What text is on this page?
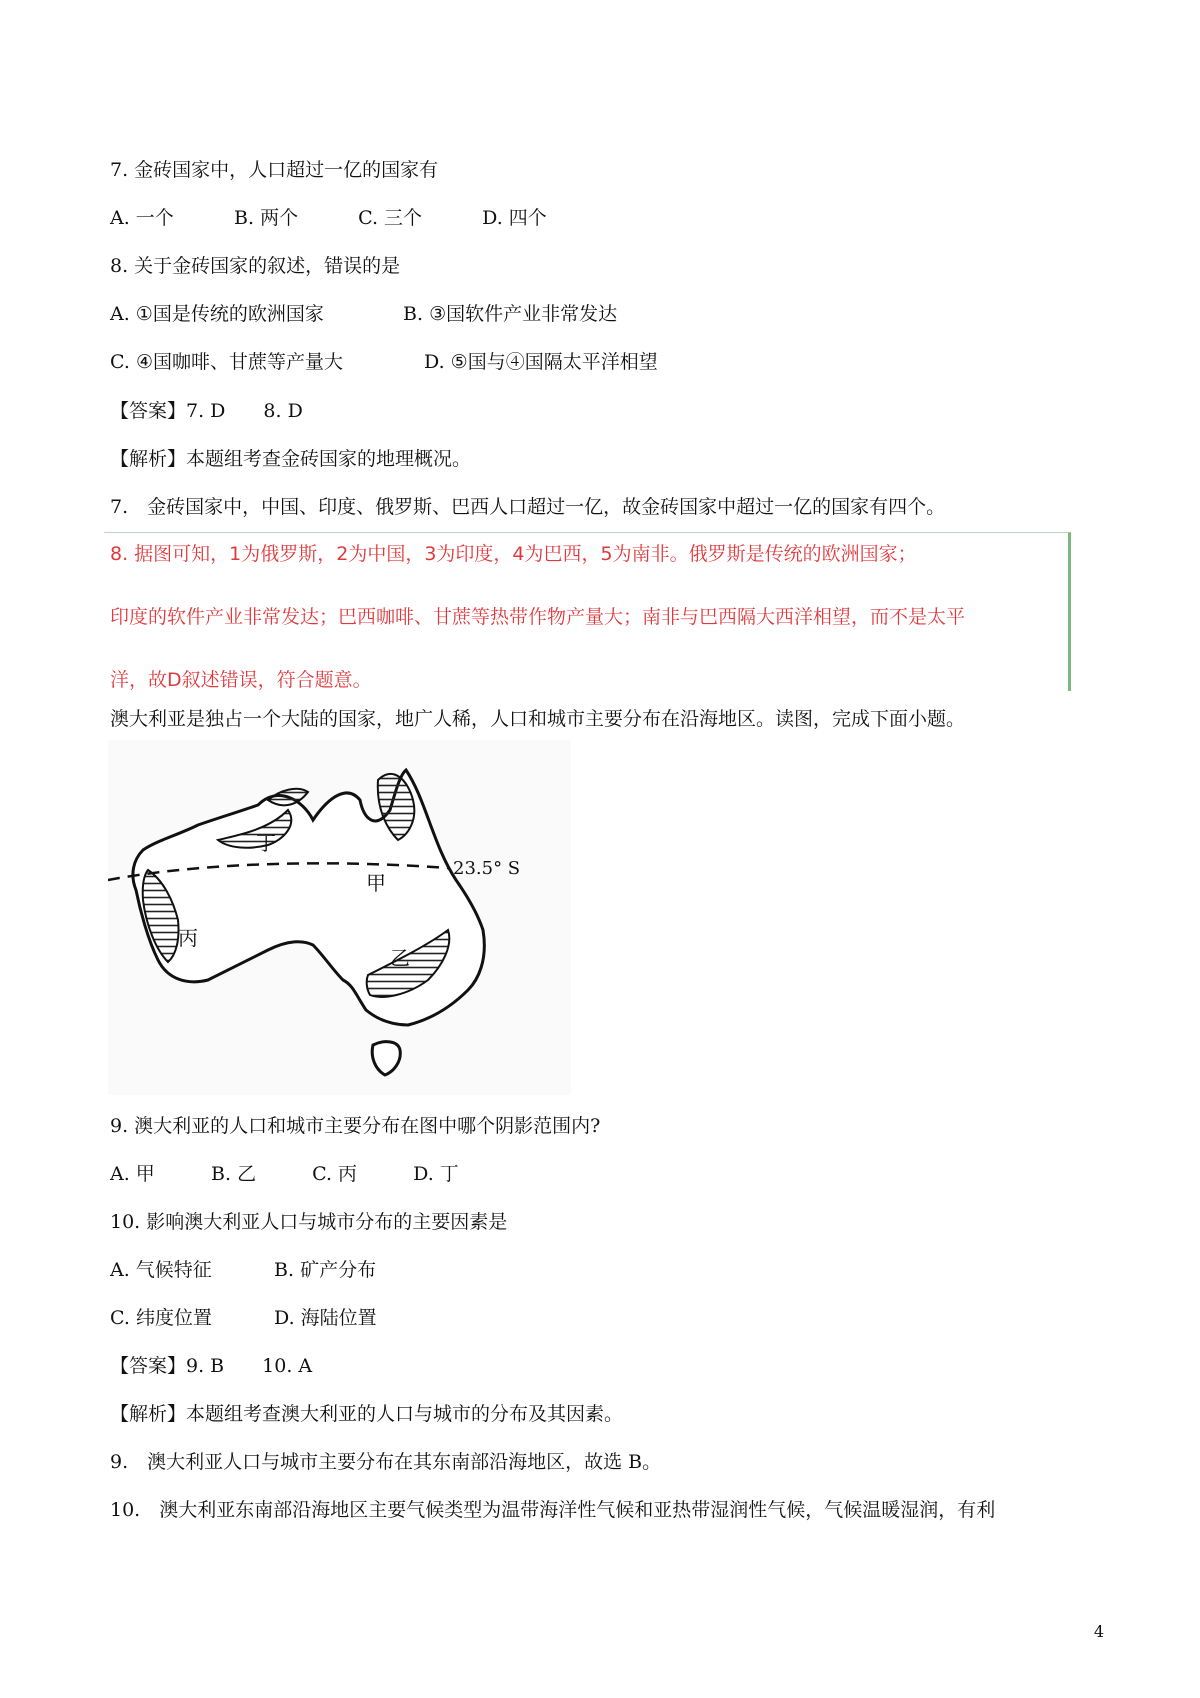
7. 金砖国家中，人口超过一亿的国家有
A. 一个	B. 两个	C. 三个	D. 四个
8. 关于金砖国家的叙述，错误的是
A. ①国是传统的欧洲国家	B. ③国软件产业非常发达
C. ④国咖啡、甘蔗等产量大	D. ⑤国与④国隔太平洋相望
【答案】7. D　　8. D
【解析】本题组考查金砖国家的地理概况。
7.　金砖国家中，中国、印度、俄罗斯、巴西人口超过一亿，故金砖国家中超过一亿的国家有四个。
8. 据图可知，1为俄罗斯，2为中国，3为印度，4为巴西，5为南非。俄罗斯是传统的欧洲国家；
印度的软件产业非常发达；巴西咖啡、甘蔗等热带作物产量大；南非与巴西隔大西洋相望，而不是太平
洋，故D叙述错误，符合题意。
澳大利亚是独占一个大陆的国家，地广人稀，人口和城市主要分布在沿海地区。读图，完成下面小题。
丁
甲
23.5° S
丙
乙
9. 澳大利亚的人口和城市主要分布在图中哪个阴影范围内?
A. 甲	B. 乙	C. 丙	D. 丁
10. 影响澳大利亚人口与城市分布的主要因素是
A. 气候特征	B. 矿产分布
C. 纬度位置	D. 海陆位置
【答案】9. B　　10. A
【解析】本题组考查澳大利亚的人口与城市的分布及其因素。
9.　澳大利亚人口与城市主要分布在其东南部沿海地区，故选 B。
10.　澳大利亚东南部沿海地区主要气候类型为温带海洋性气候和亚热带湿润性气候，气候温暖湿润，有利
4
